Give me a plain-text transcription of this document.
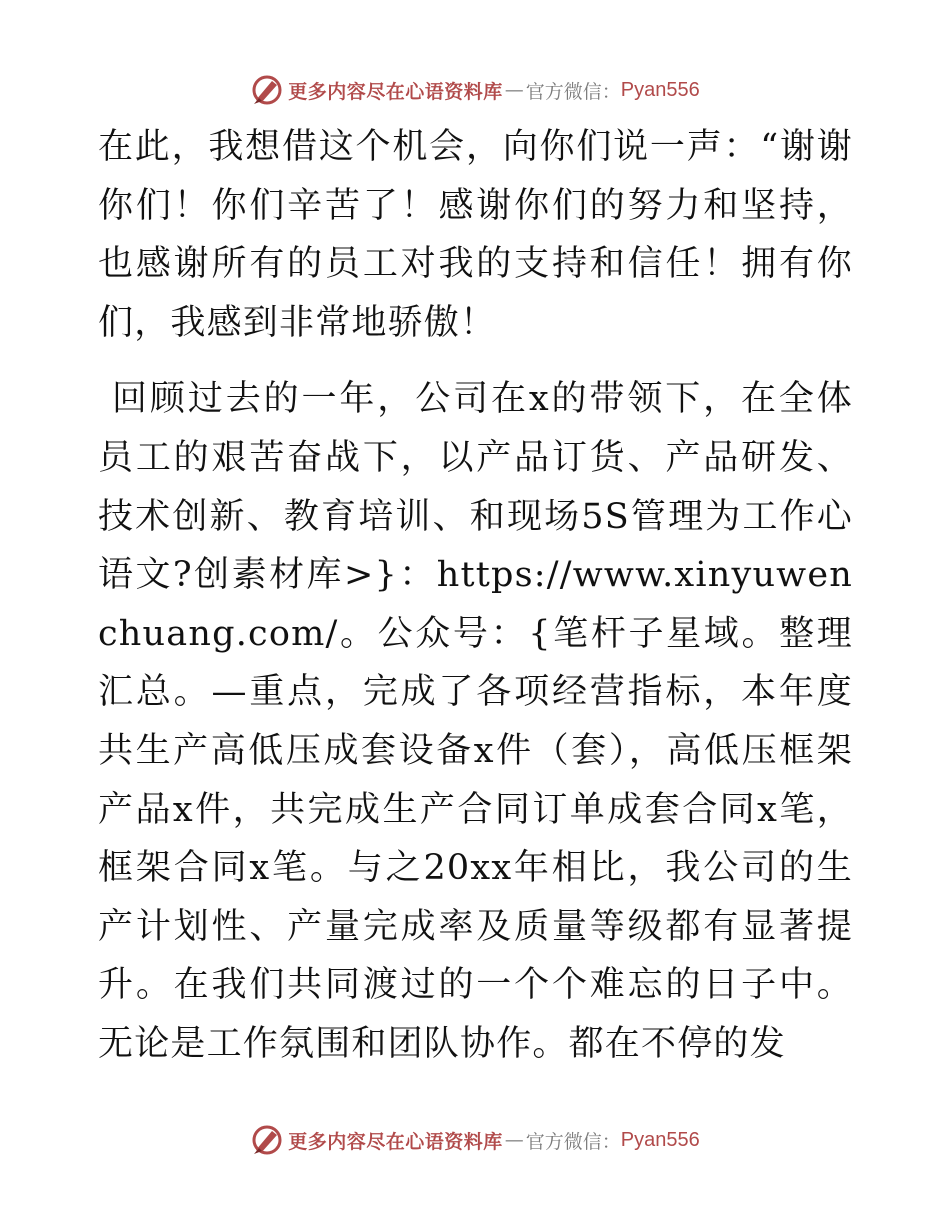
更多内容尽在心语资料库 — 官方微信： Pyan556

在此，我想借这个机会，向你们说一声：“谢谢你们！你们辛苦了！感谢你们的努力和坚持，也感谢所有的员工对我的支持和信任！拥有你们，我感到非常地骄傲！

回顾过去的一年，公司在x的带领下，在全体员工的艰苦奋战下，以产品订货、产品研发、技术创新、教育培训、和现场5S管理为工作心语文?创素材库>}：https://www.xinyuwenchuang.com/。公众号：{笔杆子星域。整理汇总。—重点，完成了各项经营指标，本年度共生产高低压成套设备x件（套），高低压框架产品x件，共完成生产合同订单成套合同x笔，框架合同x笔。与之20xx年相比，我公司的生产计划性、产量完成率及质量等级都有显著提升。在我们共同渡过的一个个难忘的日子中。无论是工作氛围和团队协作。都在不停的发

更多内容尽在心语资料库 — 官方微信： Pyan556
